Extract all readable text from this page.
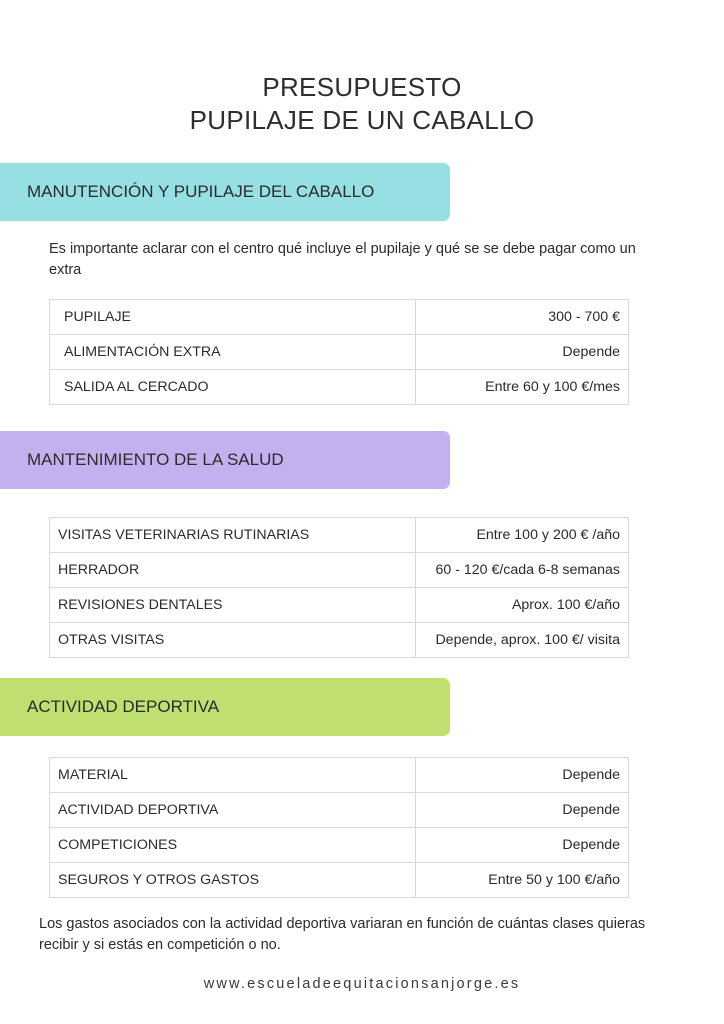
PRESUPUESTO
PUPILAJE DE UN CABALLO
MANUTENCIÓN Y PUPILAJE DEL CABALLO

Es importante aclarar con el centro qué incluye el pupilaje y qué se se debe pagar como un extra

PUPILAJE	300 - 700 €
ALIMENTACIÓN EXTRA	Depende
SALIDA AL CERCADO	Entre 60 y 100 €/mes
MANTENIMIENTO DE LA SALUD
VISITAS VETERINARIAS RUTINARIAS	Entre 100 y 200 € /año
HERRADOR	60 - 120 €/cada 6-8 semanas
REVISIONES DENTALES	Aprox. 100 €/año
OTRAS VISITAS	Depende, aprox. 100 €/ visita
ACTIVIDAD DEPORTIVA
MATERIAL	Depende
ACTIVIDAD DEPORTIVA	Depende
COMPETICIONES	Depende
SEGUROS Y OTROS GASTOS	Entre 50 y 100 €/año

Los gastos asociados con la actividad deportiva variaran en función de cuántas clases quieras recibir y si estás en competición o no.

www.escueladeequitacionsanjorge.es
